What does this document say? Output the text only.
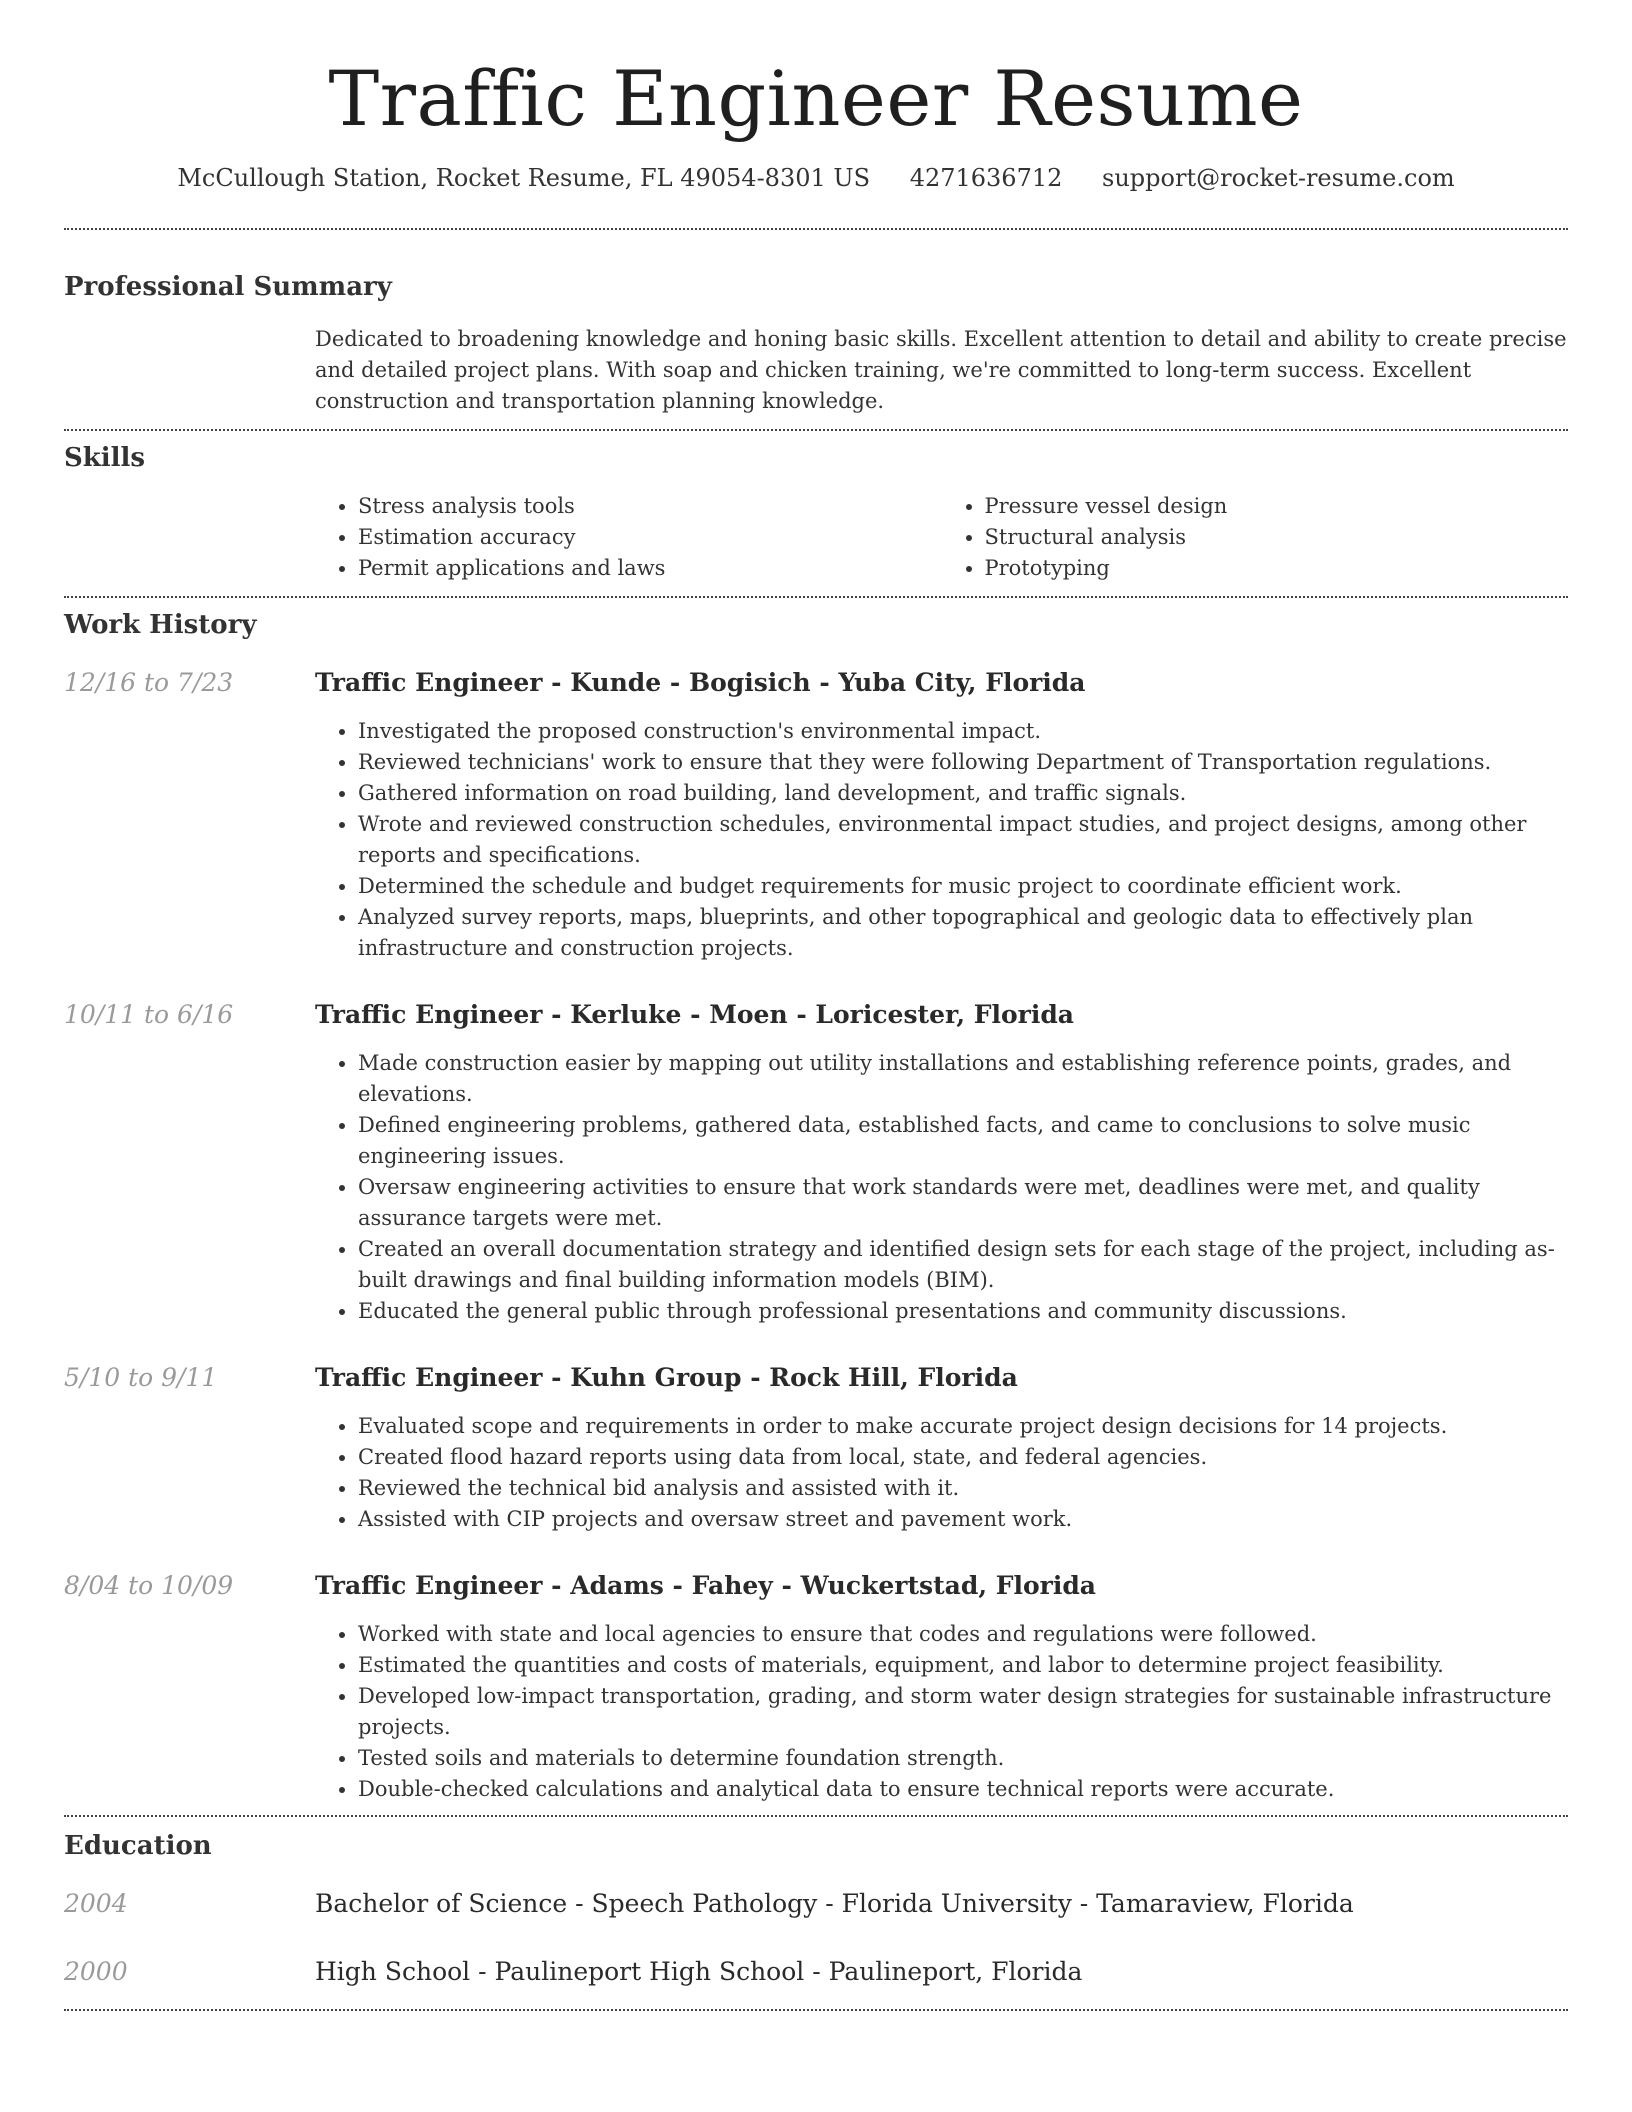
Traffic Engineer Resume
McCullough Station, Rocket Resume, FL 49054-8301 US 4271636712 support@rocket-resume.com
Professional Summary

Dedicated to broadening knowledge and honing basic skills. Excellent attention to detail and ability to create precise and detailed project plans. With soap and chicken training, we're committed to long-term success. Excellent construction and transportation planning knowledge.

Skills
• Stress analysis tools
• Estimation accuracy
• Permit applications and laws
• Pressure vessel design
• Structural analysis
• Prototyping
Work History
12/16 to 7/23	Traffic Engineer - Kunde - Bogisich - Yuba City, Florida
• Investigated the proposed construction's environmental impact.
• Reviewed technicians' work to ensure that they were following Department of Transportation regulations.
• Gathered information on road building, land development, and traffic signals.
• Wrote and reviewed construction schedules, environmental impact studies, and project designs, among other reports and specifications.
• Determined the schedule and budget requirements for music project to coordinate efficient work.
• Analyzed survey reports, maps, blueprints, and other topographical and geologic data to effectively plan infrastructure and construction projects.
10/11 to 6/16	Traffic Engineer - Kerluke - Moen - Loricester, Florida
• Made construction easier by mapping out utility installations and establishing reference points, grades, and elevations.
• Defined engineering problems, gathered data, established facts, and came to conclusions to solve music engineering issues.
• Oversaw engineering activities to ensure that work standards were met, deadlines were met, and quality assurance targets were met.
• Created an overall documentation strategy and identified design sets for each stage of the project, including as-built drawings and final building information models (BIM).
• Educated the general public through professional presentations and community discussions.
5/10 to 9/11	Traffic Engineer - Kuhn Group - Rock Hill, Florida
• Evaluated scope and requirements in order to make accurate project design decisions for 14 projects.
• Created flood hazard reports using data from local, state, and federal agencies.
• Reviewed the technical bid analysis and assisted with it.
• Assisted with CIP projects and oversaw street and pavement work.
8/04 to 10/09	Traffic Engineer - Adams - Fahey - Wuckertstad, Florida
• Worked with state and local agencies to ensure that codes and regulations were followed.
• Estimated the quantities and costs of materials, equipment, and labor to determine project feasibility.
• Developed low-impact transportation, grading, and storm water design strategies for sustainable infrastructure projects.
• Tested soils and materials to determine foundation strength.
• Double-checked calculations and analytical data to ensure technical reports were accurate.
Education
2004	Bachelor of Science - Speech Pathology - Florida University - Tamaraview, Florida
2000	High School - Paulineport High School - Paulineport, Florida
